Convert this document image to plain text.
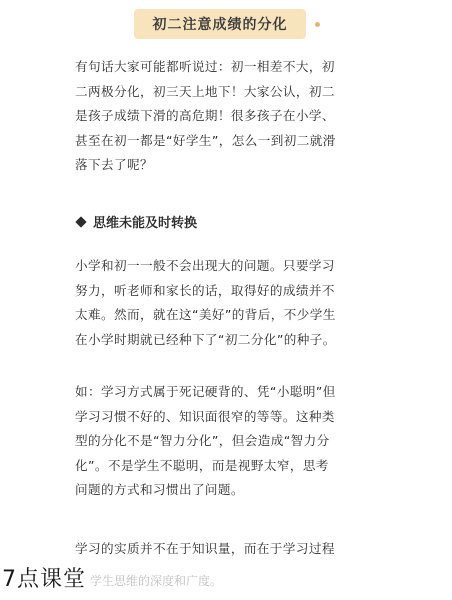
初二注意成绩的分化
有句话大家可能都听说过：初一相差不大，初
二两极分化，初三天上地下！大家公认，初二
是孩子成绩下滑的高危期！很多孩子在小学、
甚至在初一都是“好学生”，怎么一到初二就滑
落下去了呢？
思维未能及时转换
小学和初一一般不会出现大的问题。只要学习
努力，听老师和家长的话，取得好的成绩并不
太难。然而，就在这“美好”的背后，不少学生
在小学时期就已经种下了“初二分化”的种子。
如：学习方式属于死记硬背的、凭“小聪明”但
学习习惯不好的、知识面很窄的等等。这种类
型的分化不是“智力分化”，但会造成“智力分
化”。不是学生不聪明，而是视野太窄，思考
问题的方式和习惯出了问题。
学习的实质并不在于知识量，而在于学习过程
学生思维的深度和广度。
7点课堂
